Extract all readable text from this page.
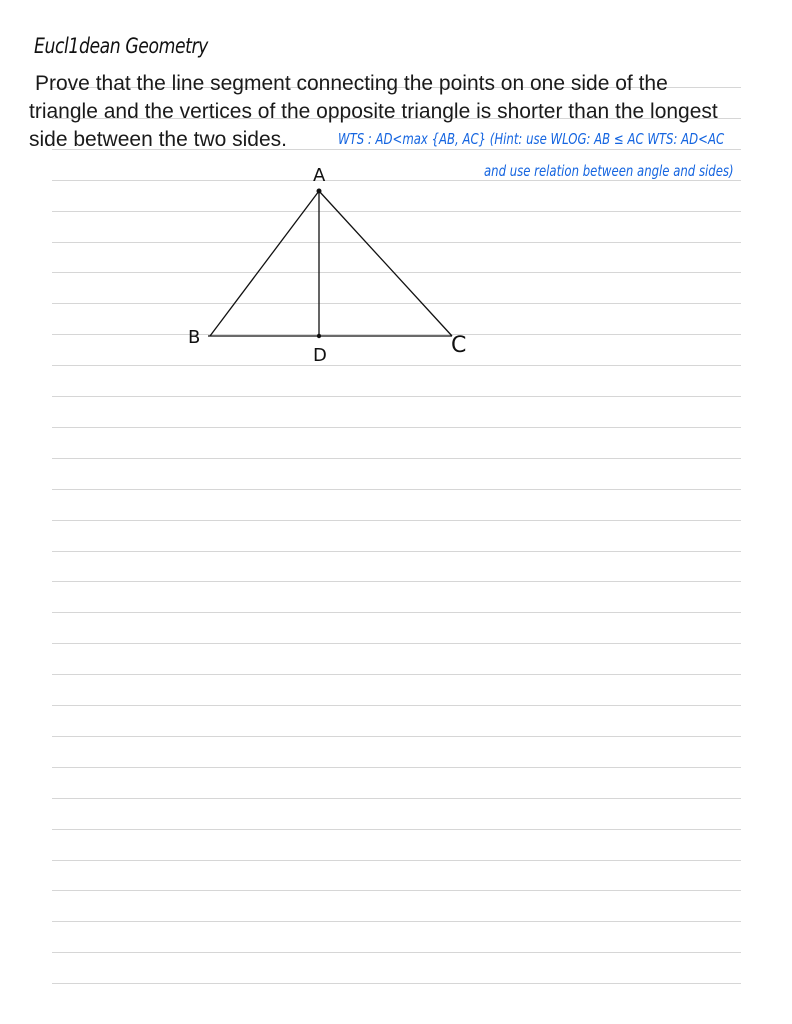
Eucl1dean Geometry
Prove that the line segment connecting the points on one side of the
triangle and the vertices of the opposite triangle is shorter than the longest
side between the two sides.	WTS : AD<max {AB, AC} (Hint: use WLOG: AB ≤ AC WTS: AD<AC
and use relation between angle and sides)
A
B	C
D
